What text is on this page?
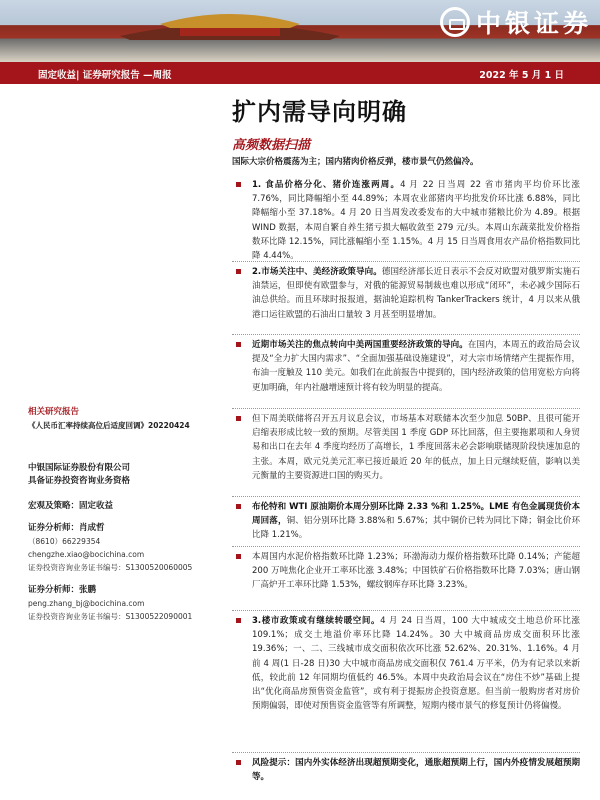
中银证券
固定收益| 证券研究报告 —周报	2022 年 5 月 1 日
扩内需导向明确
高频数据扫描
国际大宗价格震荡为主；国内猪肉价格反弹，楼市景气仍然偏冷。
1. 食品价格分化、猪价连涨两周。4 月 22 日当周 22 省市猪肉平均价环比涨 7.76%，同比降幅缩小至 44.89%；本周农业部猪肉平均批发价环比涨 6.88%，同比降幅缩小至 37.18%。4 月 20 日当周发改委发布的大中城市猪粮比价为 4.89。根据 WIND 数据，本周自繁自养生猪亏损大幅收敛至 279 元/头。本周山东蔬菜批发价格指数环比降 12.15%，同比涨幅缩小至 1.15%。4 月 15 日当周食用农产品价格指数同比降 4.44%。
2.市场关注中、美经济政策导向。德国经济部长近日表示不会反对欧盟对俄罗斯实施石油禁运，但即使有欧盟参与，对俄的能源贸易制裁也难以形成“闭环”，未必减少国际石油总供给。而且环球时报报道，据油轮追踪机构 TankerTrackers 统计，4 月以来从俄港口运往欧盟的石油出口量较 3 月甚至明显增加。
近期市场关注的焦点转向中美两国重要经济政策的导向。在国内，本周五的政治局会议提及“全力扩大国内需求”、“全面加强基础设施建设”，对大宗市场情绪产生提振作用，布油一度触及 110 美元。如我们在此前报告中提到的，国内经济政策的信用宽松方向将更加明确，年内社融增速预计将有较为明显的提高。
但下周美联储将召开五月议息会议，市场基本对联储本次至少加息 50BP、且很可能开启缩表形成比较一致的预期。尽管美国 1 季度 GDP 环比回落，但主要拖累项和人身贸易和出口在去年 4 季度均经历了高增长，1 季度回落未必会影响联储现阶段快速加息的主张。本周，欧元兑美元汇率已接近最近 20 年的低点，加上日元继续贬值，影响以美元衡量的主要资源进口国的购买力。
布伦特和 WTI 原油期价本周分别环比降 2.33 %和 1.25%。LME 有色金属现货价本周回落，铜、铝分别环比降 3.88%和 5.67%；其中铜价已转为同比下降；铜金比价环比降 1.21%。
本周国内水泥价格指数环比降 1.23%；环渤海动力煤价格指数环比降 0.14%；产能超 200 万吨焦化企业开工率环比涨 3.48%；中国铁矿石价格指数环比降 7.03%；唐山钢厂高炉开工率环比降 1.53%，螺纹钢库存环比降 3.23%。
3.楼市政策或有继续转暖空间。4 月 24 日当周，100 大中城成交土地总价环比涨 109.1%；成交土地溢价率环比降 14.24%。30 大中城商品房成交面积环比涨 19.36%；一、二、三线城市成交面积依次环比涨 52.62%、20.31%、1.16%。4 月前 4 周(1 日-28 日)30 大中城市商品房成交面积仅 761.4 万平米，仍为有记录以来新低，较此前 12 年同期均值低约 46.5%。本周中央政治局会议在“房住不炒”基础上提出“优化商品房预售资金监管”，或有利于提振房企投资意愿。但当前一般购房者对房价预期偏弱，即使对预售资金监管等有所调整，短期内楼市景气的修复预计仍将偏慢。
风险提示：国内外实体经济出现超预期变化，通胀超预期上行，国内外疫情发展超预期等。
相关研究报告
《人民币汇率持续高位后适度回调》20220424
中银国际证券股份有限公司
具备证券投资咨询业务资格
宏观及策略：固定收益
证券分析师：肖成哲
（8610）66229354
chengzhe.xiao@bocichina.com
证券投资咨询业务证书编号：S1300520060005
证券分析师：张鹏
peng.zhang_bj@bocichina.com
证券投资咨询业务证书编号：S1300522090001
